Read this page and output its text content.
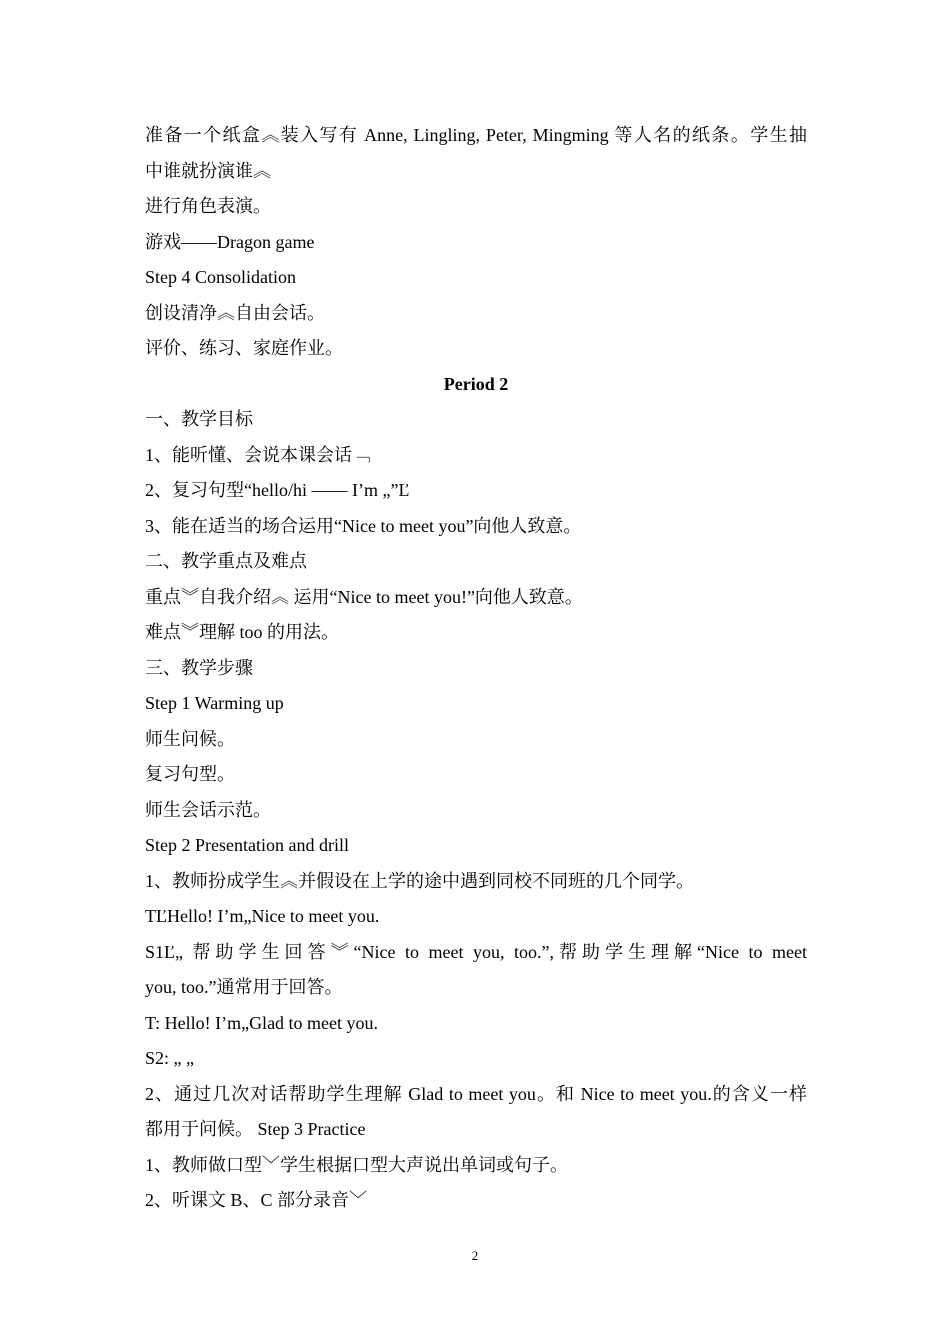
准备一个纸盒︽装入写有 Anne, Lingling, Peter, Mingming 等人名的纸条。学生抽
中谁就扮演谁︽
进行角色表演。
游戏——Dragon game
Step 4 Consolidation
创设清净︽自由会话。
评价、练习、家庭作业。
Period 2
一、教学目标
1、能听懂、会说本课会话﹁
2、复习句型“hello/hi —— I’m „”Ľ
3、能在适当的场合运用“Nice to meet you”向他人致意。
二、教学重点及难点
重点︾自我介绍︽ 运用“Nice to meet you!”向他人致意。
难点︾理解 too 的用法。
三、教学步骤
Step 1 Warming up
师生问候。
复习句型。
师生会话示范。
Step 2 Presentation and drill
1、教师扮成学生︽并假设在上学的途中遇到同校不同班的几个同学。
TĽHello! I’m„Nice to meet you.
S1Ľ„ 帮助学生回答︾“Nice to meet you, too.”,帮助学生理解“Nice to meet
you, too.”通常用于回答。
T: Hello! I’m„Glad to meet you.
S2: „ „
2、通过几次对话帮助学生理解 Glad to meet you。和 Nice to meet you.的含义一样
都用于问候。 Step 3 Practice
1、教师做口型﹀学生根据口型大声说出单词或句子。
2、听课文 B、C 部分录音﹀
2
